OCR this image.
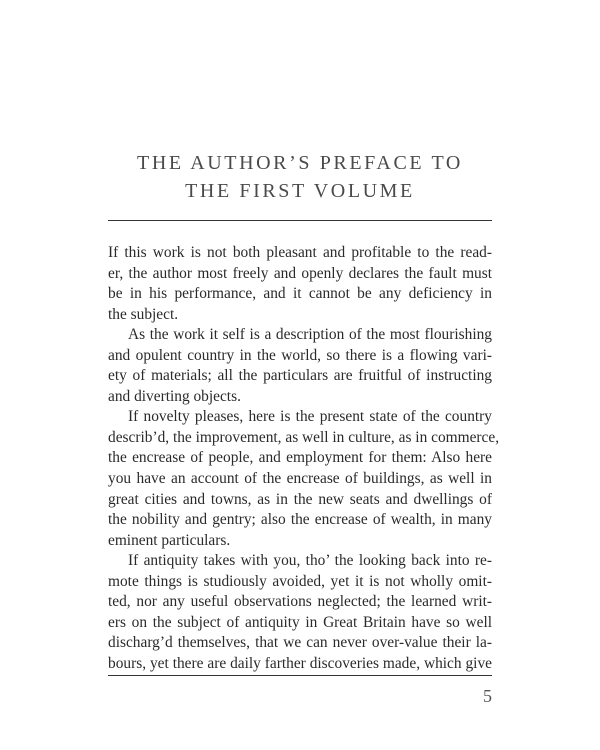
THE AUTHOR’S PREFACE TO
THE FIRST VOLUME
If this work is not both pleasant and profitable to the read-
er, the author most freely and openly declares the fault must
be in his performance, and it cannot be any deficiency in
the subject.
As the work it self is a description of the most flourishing
and opulent country in the world, so there is a flowing vari-
ety of materials; all the particulars are fruitful of instructing
and diverting objects.
If novelty pleases, here is the present state of the country
describ’d, the improvement, as well in culture, as in commerce,
the encrease of people, and employment for them: Also here
you have an account of the encrease of buildings, as well in
great cities and towns, as in the new seats and dwellings of
the nobility and gentry; also the encrease of wealth, in many
eminent particulars.
If antiquity takes with you, tho’ the looking back into re-
mote things is studiously avoided, yet it is not wholly omit-
ted, nor any useful observations neglected; the learned writ-
ers on the subject of antiquity in Great Britain have so well
discharg’d themselves, that we can never over-value their la-
bours, yet there are daily farther discoveries made, which give
5
